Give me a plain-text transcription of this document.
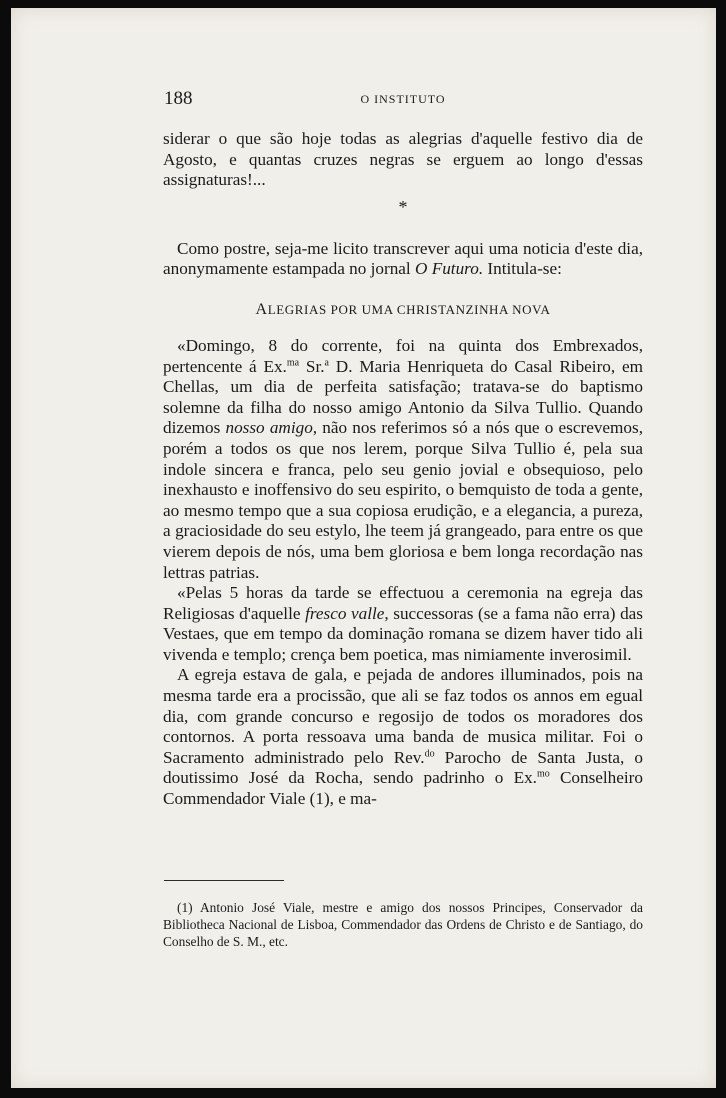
188	O INSTITUTO

siderar o que são hoje todas as alegrias d'aquelle festivo dia de Agosto, e quantas cruzes negras se erguem ao longo d'essas assignaturas!...

*

Como postre, seja-me licito transcrever aqui uma noticia d'este dia, anonymamente estampada no jornal O Futuro. Intitula-se:

ALEGRIAS POR UMA CHRISTANZINHA NOVA

«Domingo, 8 do corrente, foi na quinta dos Embrexados, pertencente á Ex.$^{ma}$ Sr.$^a$ D. Maria Henriqueta do Casal Ribeiro, em Chellas, um dia de perfeita satisfação; tratava-se do baptismo solemne da filha do nosso amigo Antonio da Silva Tullio. Quando dizemos nosso amigo, não nos referimos só a nós que o escrevemos, porém a todos os que nos lerem, porque Silva Tullio é, pela sua indole sincera e franca, pelo seu genio jovial e obsequioso, pelo inexhausto e inoffensivo do seu espirito, o bemquisto de toda a gente, ao mesmo tempo que a sua copiosa erudição, e a elegancia, a pureza, a graciosidade do seu estylo, lhe teem já grangeado, para entre os que vierem depois de nós, uma bem gloriosa e bem longa recordação nas lettras patrias.

«Pelas 5 horas da tarde se effectuou a ceremonia na egreja das Religiosas d'aquelle fresco valle, successoras (se a fama não erra) das Vestaes, que em tempo da dominação romana se dizem haver tido ali vivenda e templo; crença bem poetica, mas nimiamente inverosimil.

A egreja estava de gala, e pejada de andores illuminados, pois na mesma tarde era a procissão, que ali se faz todos os annos em egual dia, com grande concurso e regosijo de todos os moradores dos contornos. A porta ressoava uma banda de musica militar. Foi o Sacramento administrado pelo Rev.$^{do}$ Parocho de Santa Justa, o doutissimo José da Rocha, sendo padrinho o Ex.$^{mo}$ Conselheiro Commendador Viale (1), e ma-

(1) Antonio José Viale, mestre e amigo dos nossos Principes, Conservador da Bibliotheca Nacional de Lisboa, Commendador das Ordens de Christo e de Santiago, do Conselho de S. M., etc.
